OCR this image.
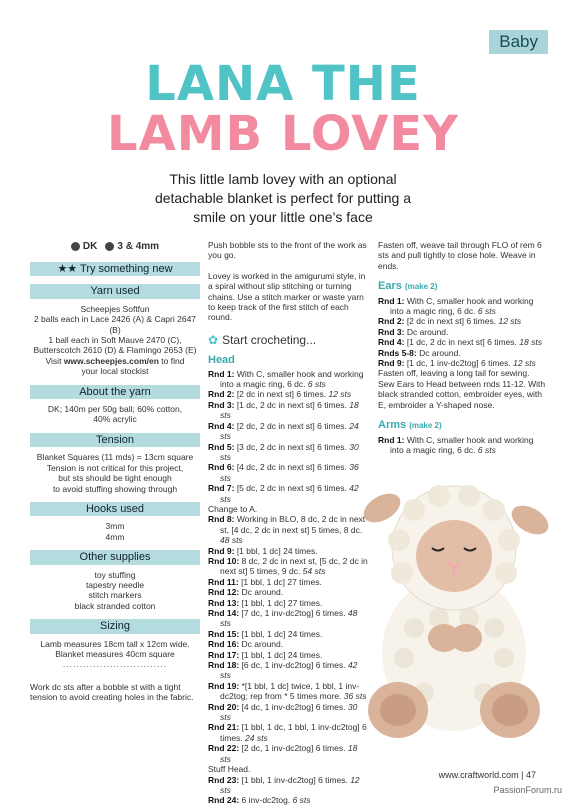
Baby
LANA THE
LAMB LOVEY
This little lamb lovey with an optional detachable blanket is perfect for putting a smile on your little one’s face
DK	3 & 4mm
★★ Try something new
Yarn used
Scheepjes Softfun
2 balls each in Lace 2426 (A) & Capri 2647 (B)
1 ball each in Soft Mauve 2470 (C),
Butterscotch 2610 (D) & Flamingo 2653 (E)
Visit www.scheepjes.com/en to find
your local stockist
About the yarn
DK; 140m per 50g ball; 60% cotton,
40% acrylic
Tension
Blanket Squares (11 mds) = 13cm square
Tension is not critical for this project,
but sts should be tight enough
to avoid stuffing showing through
Hooks used
3mm
4mm
Other supplies
toy stuffing
tapestry needle
stitch markers
black stranded cotton
Sizing
Lamb measures 18cm tall x 12cm wide.
Blanket measures 40cm square
...............................
Work dc sts after a bobble st with a tight tension to avoid creating holes in the fabric.
Push bobble sts to the front of the work as you go.
Lovey is worked in the amigurumi style, in a spiral without slip stitching or turning chains. Use a stitch marker or waste yarn to keep track of the first stitch of each round.
✿ Start crocheting...
Head
Rnd 1: With C, smaller hook and working into a magic ring, 6 dc. 6 sts
Rnd 2: [2 dc in next st] 6 times. 12 sts
Rnd 3: [1 dc, 2 dc in next st] 6 times. 18 sts
Rnd 4: [2 dc, 2 dc in next st] 6 times. 24 sts
Rnd 5: [3 dc, 2 dc in next st] 6 times. 30 sts
Rnd 6: [4 dc, 2 dc in next st] 6 times. 36 sts
Rnd 7: [5 dc, 2 dc in next st] 6 times. 42 sts
Change to A.
Rnd 8: Working in BLO, 8 dc, 2 dc in next st, [4 dc, 2 dc in next st] 5 times, 8 dc. 48 sts
Rnd 9: [1 bbl, 1 dc] 24 times.
Rnd 10: 8 dc, 2 dc in next st, [5 dc, 2 dc in next st] 5 times, 9 dc. 54 sts
Rnd 11: [1 bbl, 1 dc] 27 times.
Rnd 12: Dc around.
Rnd 13: [1 bbl, 1 dc] 27 times.
Rnd 14: [7 dc, 1 inv-dc2tog] 6 times. 48 sts
Rnd 15: [1 bbl, 1 dc] 24 times.
Rnd 16: Dc around.
Rnd 17: [1 bbl, 1 dc] 24 times.
Rnd 18: [6 dc, 1 inv-dc2tog] 6 times. 42 sts
Rnd 19: *[1 bbl, 1 dc] twice, 1 bbl, 1 inv-dc2tog; rep from * 5 times more. 36 sts
Rnd 20: [4 dc, 1 inv-dc2tog] 6 times. 30 sts
Rnd 21: [1 bbl, 1 dc, 1 bbl, 1 inv-dc2tog] 6 times. 24 sts
Rnd 22: [2 dc, 1 inv-dc2tog] 6 times. 18 sts
Stuff Head.
Rnd 23: [1 bbl, 1 inv-dc2tog] 6 times. 12 sts
Rnd 24: 6 inv-dc2tog. 6 sts
Fasten off, weave tail through FLO of rem 6 sts and pull tightly to close hole. Weave in ends.
Ears (make 2)
Rnd 1: With C, smaller hook and working into a magic ring, 6 dc. 6 sts
Rnd 2: [2 dc in next st] 6 times. 12 sts
Rnd 3: Dc around.
Rnd 4: [1 dc, 2 dc in next st] 6 times. 18 sts
Rnds 5-8: Dc around.
Rnd 9: [1 dc, 1 inv-dc2tog] 6 times. 12 sts
Fasten off, leaving a long tail for sewing. Sew Ears to Head between rnds 11-12. With black stranded cotton, embroider eyes, with E, embroider a Y-shaped nose.
Arms (make 2)
Rnd 1: With C, smaller hook and working into a magic ring, 6 dc. 6 sts
www.craftworld.com | 47
PassionForum.ru
